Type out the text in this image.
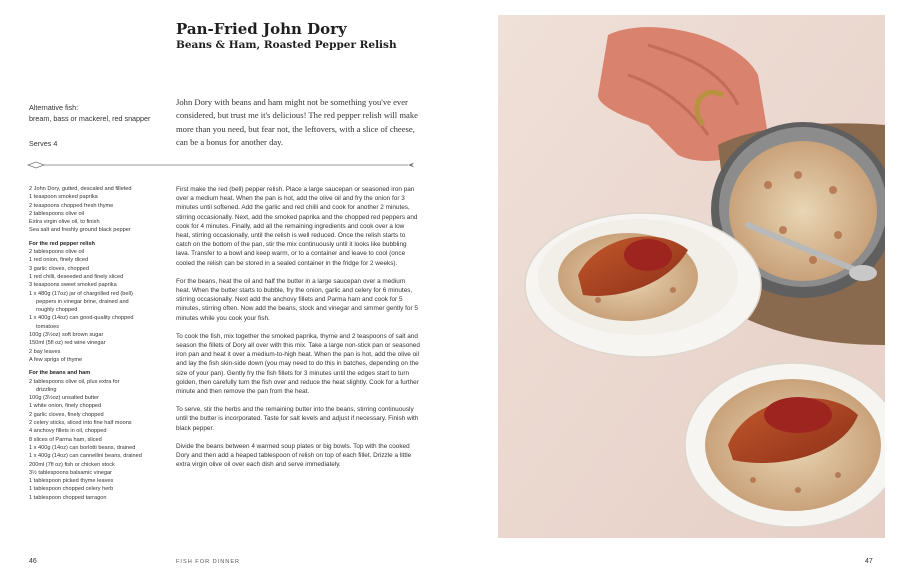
Pan-Fried John Dory
Beans & Ham, Roasted Pepper Relish
Alternative fish:
bream, bass or mackerel, red snapper
Serves 4
John Dory with beans and ham might not be something you've ever considered, but trust me it's delicious! The red pepper relish will make more than you need, but fear not, the leftovers, with a slice of cheese, can be a bonus for another day.
2 John Dory, gutted, descaled and filleted
1 teaspoon smoked paprika
2 teaspoons chopped fresh thyme
2 tablespoons olive oil
Extra virgin olive oil, to finish
Sea salt and freshly ground black pepper
For the red pepper relish
2 tablespoons olive oil
1 red onion, finely diced
3 garlic cloves, chopped
1 red chilli, deseeded and finely sliced
3 teaspoons sweet smoked paprika
1 x 480g (17oz) jar of chargrilled red (bell)
peppers in vinegar brine, drained and
roughly chopped
1 x 400g (14oz) can good-quality chopped
tomatoes
100g (3½oz) soft brown sugar
150ml (5fl oz) red wine vinegar
2 bay leaves
A few sprigs of thyme
For the beans and ham
2 tablespoons olive oil, plus extra for
drizzling
100g (3½oz) unsalted butter
1 white onion, finely chopped
2 garlic cloves, finely chopped
2 celery sticks, sliced into fine half moons
4 anchovy fillets in oil, chopped
8 slices of Parma ham, sliced
1 x 400g (14oz) can borlotti beans, drained
1 x 400g (14oz) can cannellini beans, drained
200ml (7fl oz) fish or chicken stock
3½ tablespoons balsamic vinegar
1 tablespoon picked thyme leaves
1 tablespoon chopped celery herb
1 tablespoon chopped tarragon

First make the red (bell) pepper relish. Place a large saucepan or seasoned iron pan over a medium heat. When the pan is hot, add the olive oil and fry the onion for 3 minutes until softened. Add the garlic and red chilli and cook for another 2 minutes, stirring occasionally. Next, add the smoked paprika and the chopped red peppers and cook for 4 minutes. Finally, add all the remaining ingredients and cook over a low heat, stirring occasionally, until the relish is well reduced. Once the relish starts to catch on the bottom of the pan, stir the mix continuously until it looks like bubbling lava. Transfer to a bowl and keep warm, or to a container and leave to cool (once cooled the relish can be stored in a sealed container in the fridge for 2 weeks).

For the beans, heat the oil and half the butter in a large saucepan over a medium heat. When the butter starts to bubble, fry the onion, garlic and celery for 6 minutes, stirring occasionally. Next add the anchovy fillets and Parma ham and cook for 5 minutes, stirring often. Now add the beans, stock and vinegar and simmer gently for 5 minutes while you cook your fish.

To cook the fish, mix together the smoked paprika, thyme and 2 teaspoons of salt and season the fillets of Dory all over with this mix. Take a large non-stick pan or seasoned iron pan and heat it over a medium-to-high heat. When the pan is hot, add the olive oil and lay the fish skin-side down (you may need to do this in batches, depending on the size of your pan). Gently fry the fish fillets for 3 minutes until the edges start to turn golden, then carefully turn the fish over and reduce the heat slightly. Cook for a further minute and then remove the pan from the heat.

To serve, stir the herbs and the remaining butter into the beans, stirring continuously until the butter is incorporated. Taste for salt levels and adjust if necessary. Finish with black pepper.

Divide the beans between 4 warmed soup plates or big bowls. Top with the cooked Dory and then add a heaped tablespoon of relish on top of each fillet. Drizzle a little extra virgin olive oil over each dish and serve immediately.

46	FISH FOR DINNER	47
